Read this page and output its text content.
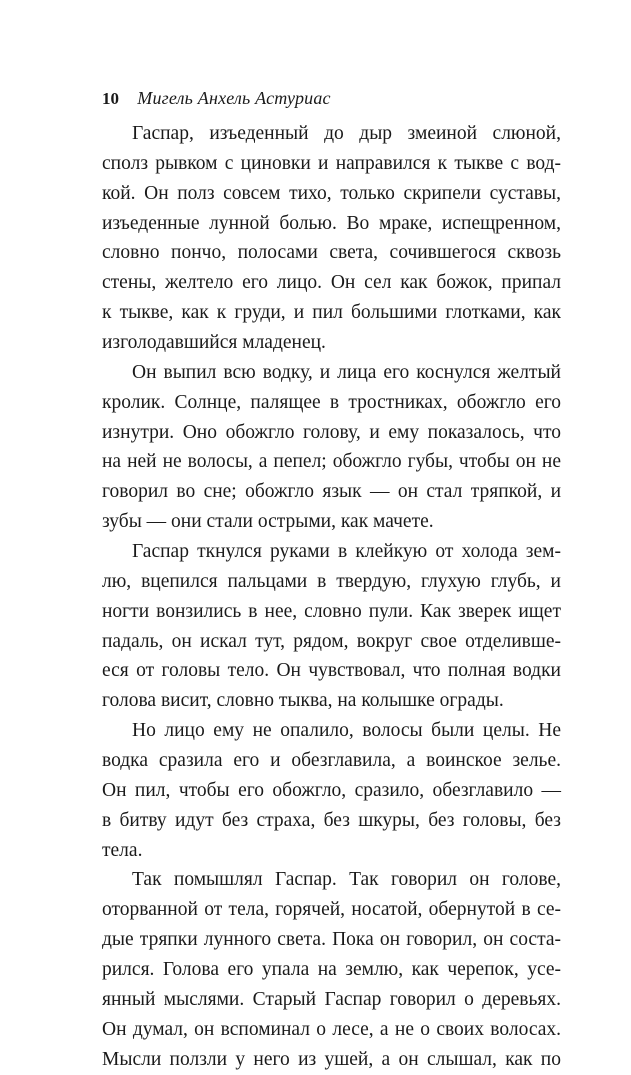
10 Мигель Анхель Астуриас
Гаспар, изъеденный до дыр змеиной слюной,
сполз рывком с циновки и направился к тыкве с вод-
кой. Он полз совсем тихо, только скрипели суставы,
изъеденные лунной болью. Во мраке, испещренном,
словно пончо, полосами света, сочившегося сквозь
стены, желтело его лицо. Он сел как божок, припал
к тыкве, как к груди, и пил большими глотками, как
изголодавшийся младенец.
Он выпил всю водку, и лица его коснулся желтый
кролик. Солнце, палящее в тростниках, обожгло его
изнутри. Оно обожгло голову, и ему показалось, что
на ней не волосы, а пепел; обожгло губы, чтобы он не
говорил во сне; обожгло язык — он стал тряпкой, и
зубы — они стали острыми, как мачете.
Гаспар ткнулся руками в клейкую от холода зем-
лю, вцепился пальцами в твердую, глухую глубь, и
ногти вонзились в нее, словно пули. Как зверек ищет
падаль, он искал тут, рядом, вокруг свое отделивше-
еся от головы тело. Он чувствовал, что полная водки
голова висит, словно тыква, на колышке ограды.
Но лицо ему не опалило, волосы были целы. Не
водка сразила его и обезглавила, а воинское зелье.
Он пил, чтобы его обожгло, сразило, обезглавило —
в битву идут без страха, без шкуры, без головы, без
тела.
Так помышлял Гаспар. Так говорил он голове,
оторванной от тела, горячей, носатой, обернутой в се-
дые тряпки лунного света. Пока он говорил, он соста-
рился. Голова его упала на землю, как черепок, усе-
янный мыслями. Старый Гаспар говорил о деревьях.
Он думал, он вспоминал о лесе, а не о своих волосах.
Мысли ползли у него из ушей, а он слышал, как по
